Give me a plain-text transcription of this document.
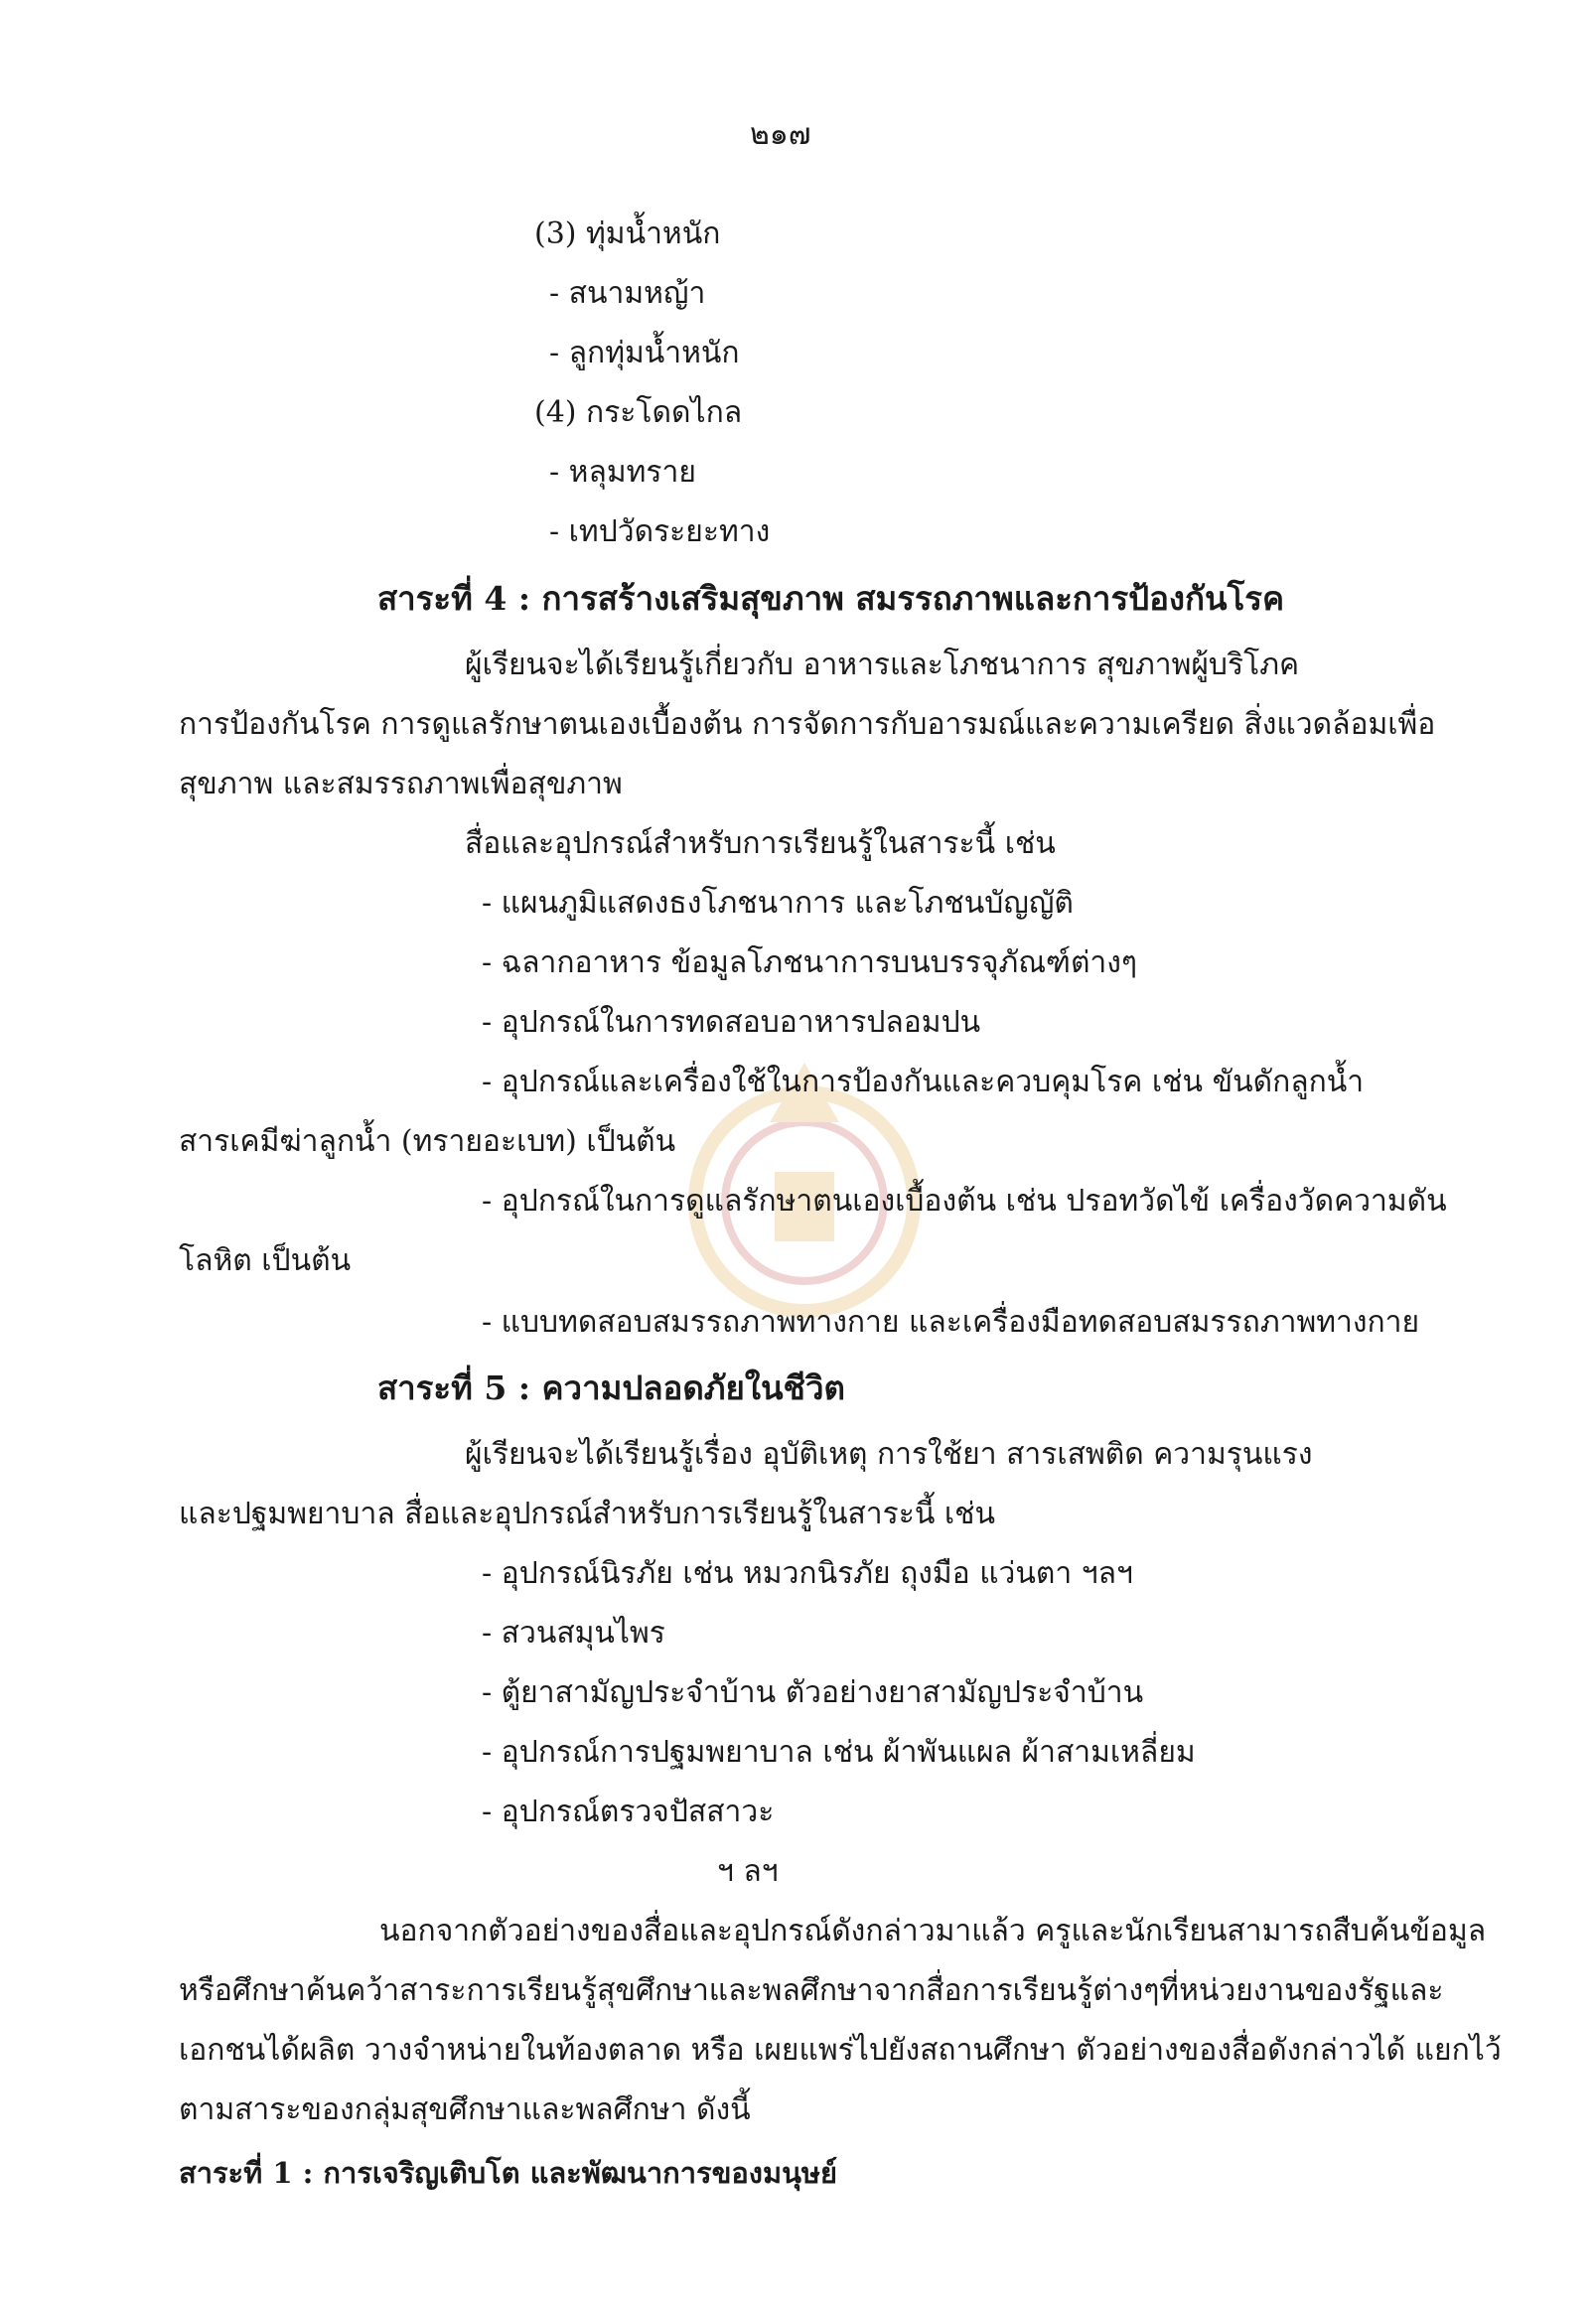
๒๑๗
(3) ทุ่มน้ำหนัก
- สนามหญ้า
- ลูกทุ่มน้ำหนัก
(4) กระโดดไกล
- หลุมทราย
- เทปวัดระยะทาง
สาระที่ 4 : การสร้างเสริมสุขภาพ สมรรถภาพและการป้องกันโรค
ผู้เรียนจะได้เรียนรู้เกี่ยวกับ อาหารและโภชนาการ สุขภาพผู้บริโภค
การป้องกันโรค การดูแลรักษาตนเองเบื้องต้น การจัดการกับอารมณ์และความเครียด สิ่งแวดล้อมเพื่อ
สุขภาพ และสมรรถภาพเพื่อสุขภาพ
สื่อและอุปกรณ์สำหรับการเรียนรู้ในสาระนี้ เช่น
- แผนภูมิแสดงธงโภชนาการ และโภชนบัญญัติ
- ฉลากอาหาร ข้อมูลโภชนาการบนบรรจุภัณฑ์ต่างๆ
- อุปกรณ์ในการทดสอบอาหารปลอมปน
- อุปกรณ์และเครื่องใช้ในการป้องกันและควบคุมโรค เช่น ขันดักลูกน้ำ
สารเคมีฆ่าลูกน้ำ (ทรายอะเบท) เป็นต้น
- อุปกรณ์ในการดูแลรักษาตนเองเบื้องต้น เช่น ปรอทวัดไข้ เครื่องวัดความดัน
โลหิต เป็นต้น
- แบบทดสอบสมรรถภาพทางกาย และเครื่องมือทดสอบสมรรถภาพทางกาย
สาระที่ 5 : ความปลอดภัยในชีวิต
ผู้เรียนจะได้เรียนรู้เรื่อง อุบัติเหตุ การใช้ยา สารเสพติด ความรุนแรง
และปฐมพยาบาล สื่อและอุปกรณ์สำหรับการเรียนรู้ในสาระนี้ เช่น
- อุปกรณ์นิรภัย เช่น หมวกนิรภัย ถุงมือ แว่นตา ฯลฯ
- สวนสมุนไพร
- ตู้ยาสามัญประจำบ้าน ตัวอย่างยาสามัญประจำบ้าน
- อุปกรณ์การปฐมพยาบาล เช่น ผ้าพันแผล ผ้าสามเหลี่ยม
- อุปกรณ์ตรวจปัสสาวะ
ฯ ลฯ
นอกจากตัวอย่างของสื่อและอุปกรณ์ดังกล่าวมาแล้ว ครูและนักเรียนสามารถสืบค้นข้อมูล
หรือศึกษาค้นคว้าสาระการเรียนรู้สุขศึกษาและพลศึกษาจากสื่อการเรียนรู้ต่างๆที่หน่วยงานของรัฐและ
เอกชนได้ผลิต วางจำหน่ายในท้องตลาด หรือ เผยแพร่ไปยังสถานศึกษา ตัวอย่างของสื่อดังกล่าวได้ แยกไว้
ตามสาระของกลุ่มสุขศึกษาและพลศึกษา ดังนี้
สาระที่ 1 : การเจริญเติบโต และพัฒนาการของมนุษย์
